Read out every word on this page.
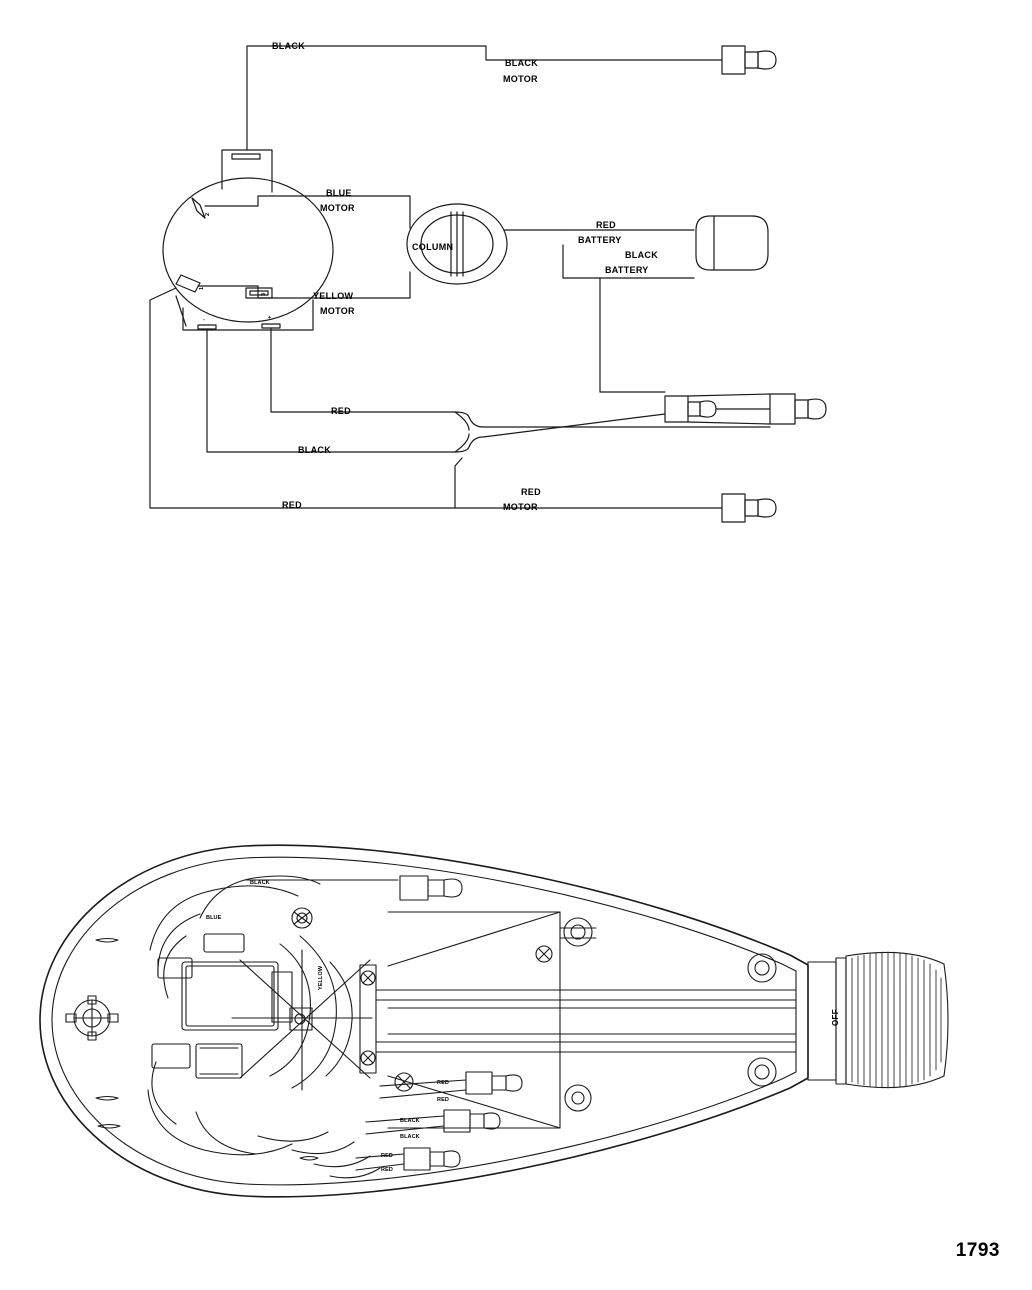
BLACK
BLACK
MOTOR
BLUE
MOTOR
COLUMN
YELLOW
MOTOR
RED
BATTERY
BLACK
BATTERY
RED
BLACK
RED
RED
MOTOR
2
1
3
-	+
BLACK
BLUE
YELLOW
RED
RED
BLACK
BLACK
RED
RED
OFF
1793
